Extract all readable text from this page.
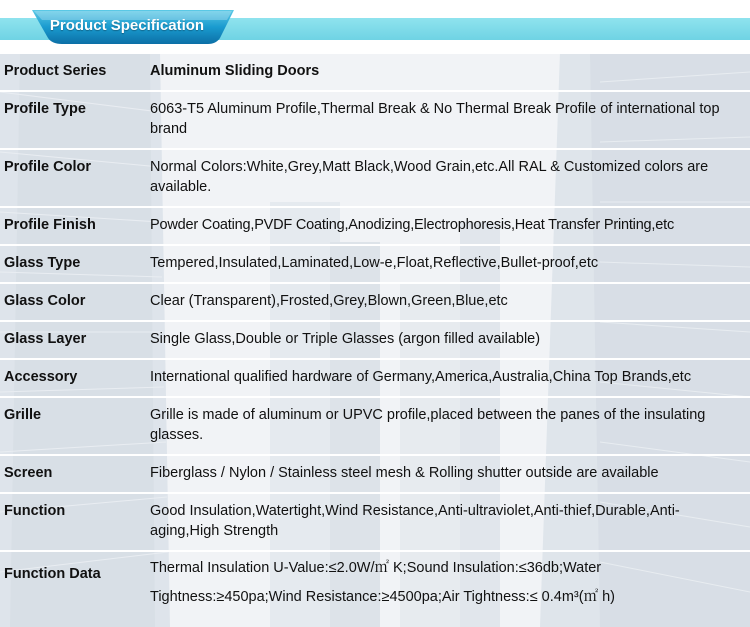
Product Specification
Product Series	Aluminum Sliding Doors
Profile Type	6063-T5 Aluminum Profile,Thermal Break & No Thermal Break Profile of international top brand
Profile Color	Normal Colors:White,Grey,Matt Black,Wood Grain,etc.All RAL & Customized colors are available.
Profile Finish	Powder Coating,PVDF Coating,Anodizing,Electrophoresis,Heat Transfer Printing,etc
Glass Type	Tempered,Insulated,Laminated,Low-e,Float,Reflective,Bullet-proof,etc
Glass Color	Clear (Transparent),Frosted,Grey,Blown,Green,Blue,etc
Glass Layer	Single Glass,Double or Triple Glasses (argon filled available)
Accessory	International qualified hardware of Germany,America,Australia,China Top Brands,etc
Grille	Grille is made of aluminum or UPVC profile,placed between the panes of the insulating glasses.
Screen	Fiberglass / Nylon / Stainless steel mesh & Rolling shutter outside are available
Function	Good Insulation,Watertight,Wind Resistance,Anti-ultraviolet,Anti-thief,Durable,Anti-aging,High Strength
Function Data	Thermal Insulation U-Value:≤2.0W/㎡ K;Sound Insulation:≤36db;Water Tightness:≥450pa;Wind Resistance:≥4500pa;Air Tightness:≤ 0.4m³(㎡ h)
